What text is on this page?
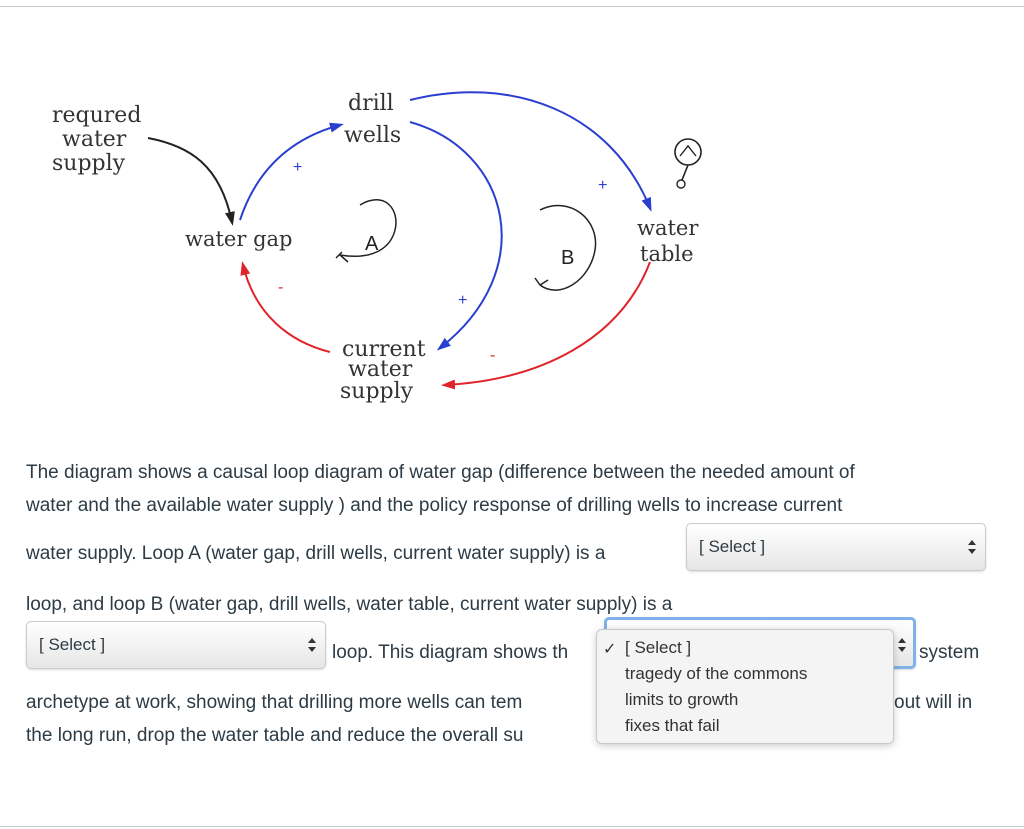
+
+
+
-
-
requred water supply
drill wells
water gap	water table
current water supply
A
B
The diagram shows a causal loop diagram of water gap (difference between the needed amount of
water and the available water supply ) and the policy response of drilling wells to increase current
water supply. Loop A (water gap, drill wells, current water supply) is a	[ Select ]
loop, and loop B (water gap, drill wells, water table, current water supply) is a
[ Select ]	loop. This diagram shows th	system
archetype at work, showing that drilling more wells can tem	out will in
the long run, drop the water table and reduce the overall su
✓ [ Select ]
tragedy of the commons
limits to growth
fixes that fail
